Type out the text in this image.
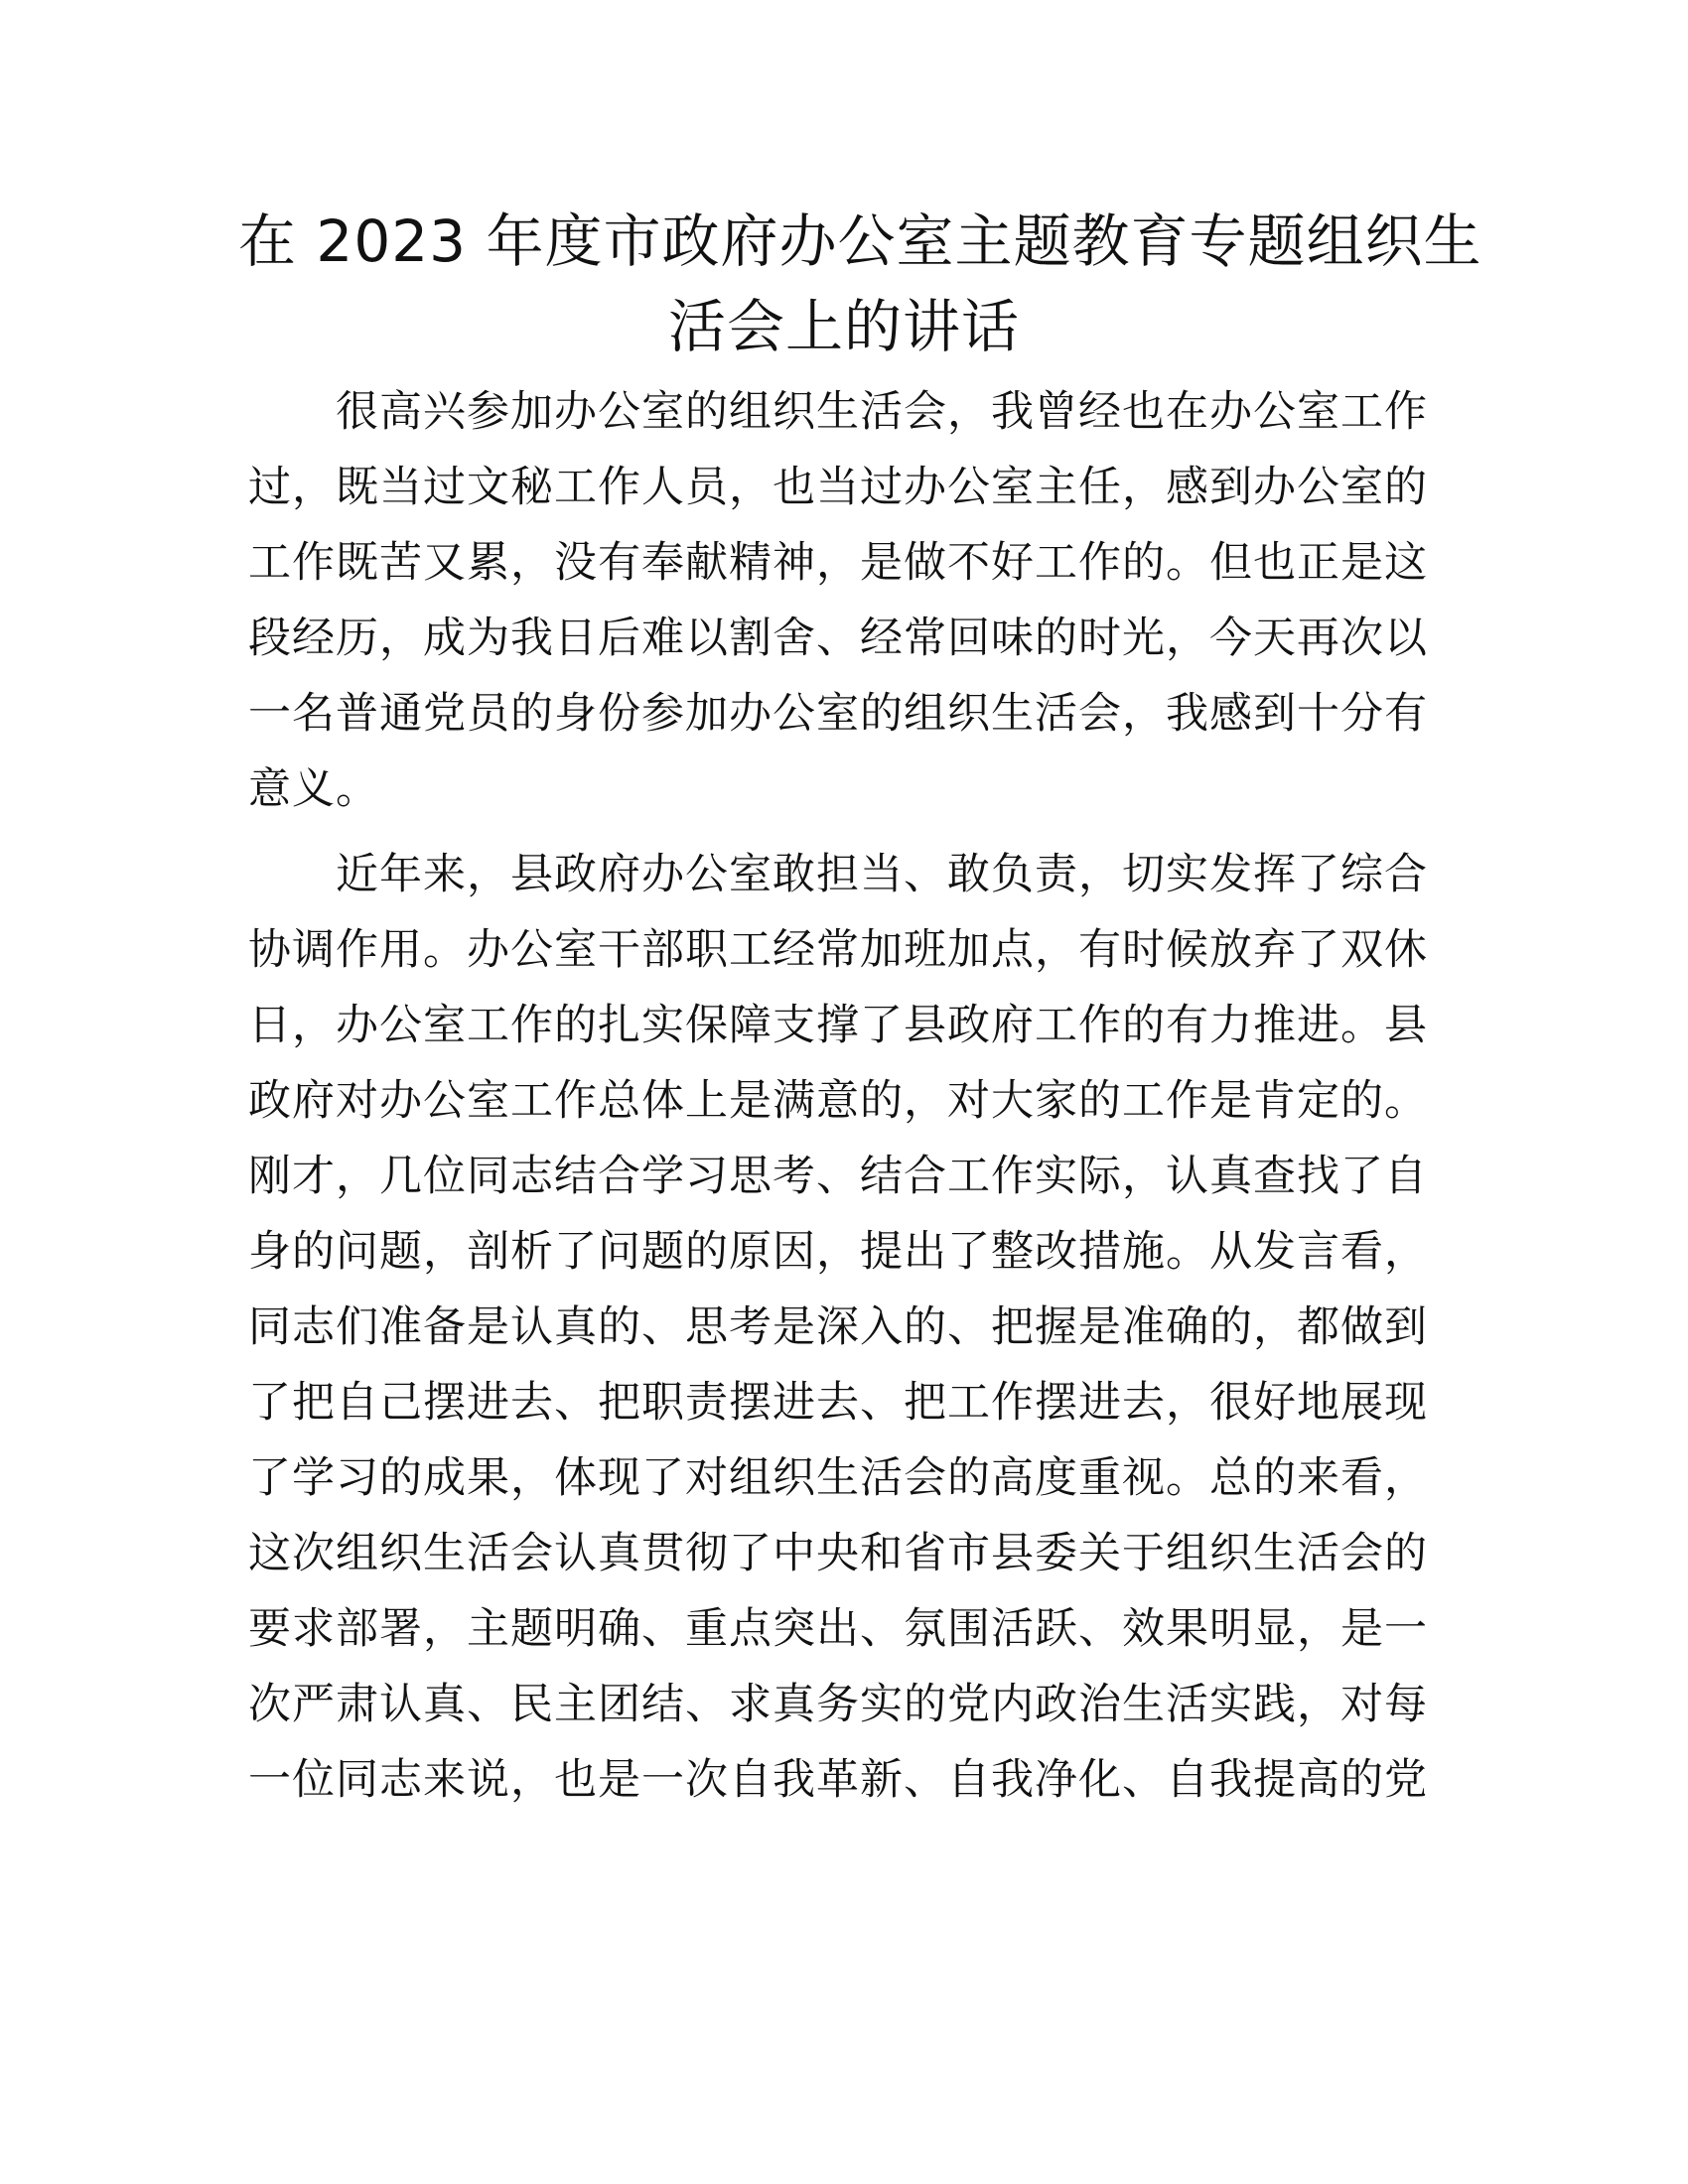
在 2023 年度市政府办公室主题教育专题组织生
活会上的讲话
很高兴参加办公室的组织生活会，我曾经也在办公室工作
过，既当过文秘工作人员，也当过办公室主任，感到办公室的
工作既苦又累，没有奉献精神，是做不好工作的。但也正是这
段经历，成为我日后难以割舍、经常回味的时光，今天再次以
一名普通党员的身份参加办公室的组织生活会，我感到十分有
意义。
近年来，县政府办公室敢担当、敢负责，切实发挥了综合
协调作用。办公室干部职工经常加班加点，有时候放弃了双休
日，办公室工作的扎实保障支撑了县政府工作的有力推进。县
政府对办公室工作总体上是满意的，对大家的工作是肯定的。
刚才，几位同志结合学习思考、结合工作实际，认真查找了自
身的问题，剖析了问题的原因，提出了整改措施。从发言看，
同志们准备是认真的、思考是深入的、把握是准确的，都做到
了把自己摆进去、把职责摆进去、把工作摆进去，很好地展现
了学习的成果，体现了对组织生活会的高度重视。总的来看，
这次组织生活会认真贯彻了中央和省市县委关于组织生活会的
要求部署，主题明确、重点突出、氛围活跃、效果明显，是一
次严肃认真、民主团结、求真务实的党内政治生活实践，对每
一位同志来说，也是一次自我革新、自我净化、自我提高的党
